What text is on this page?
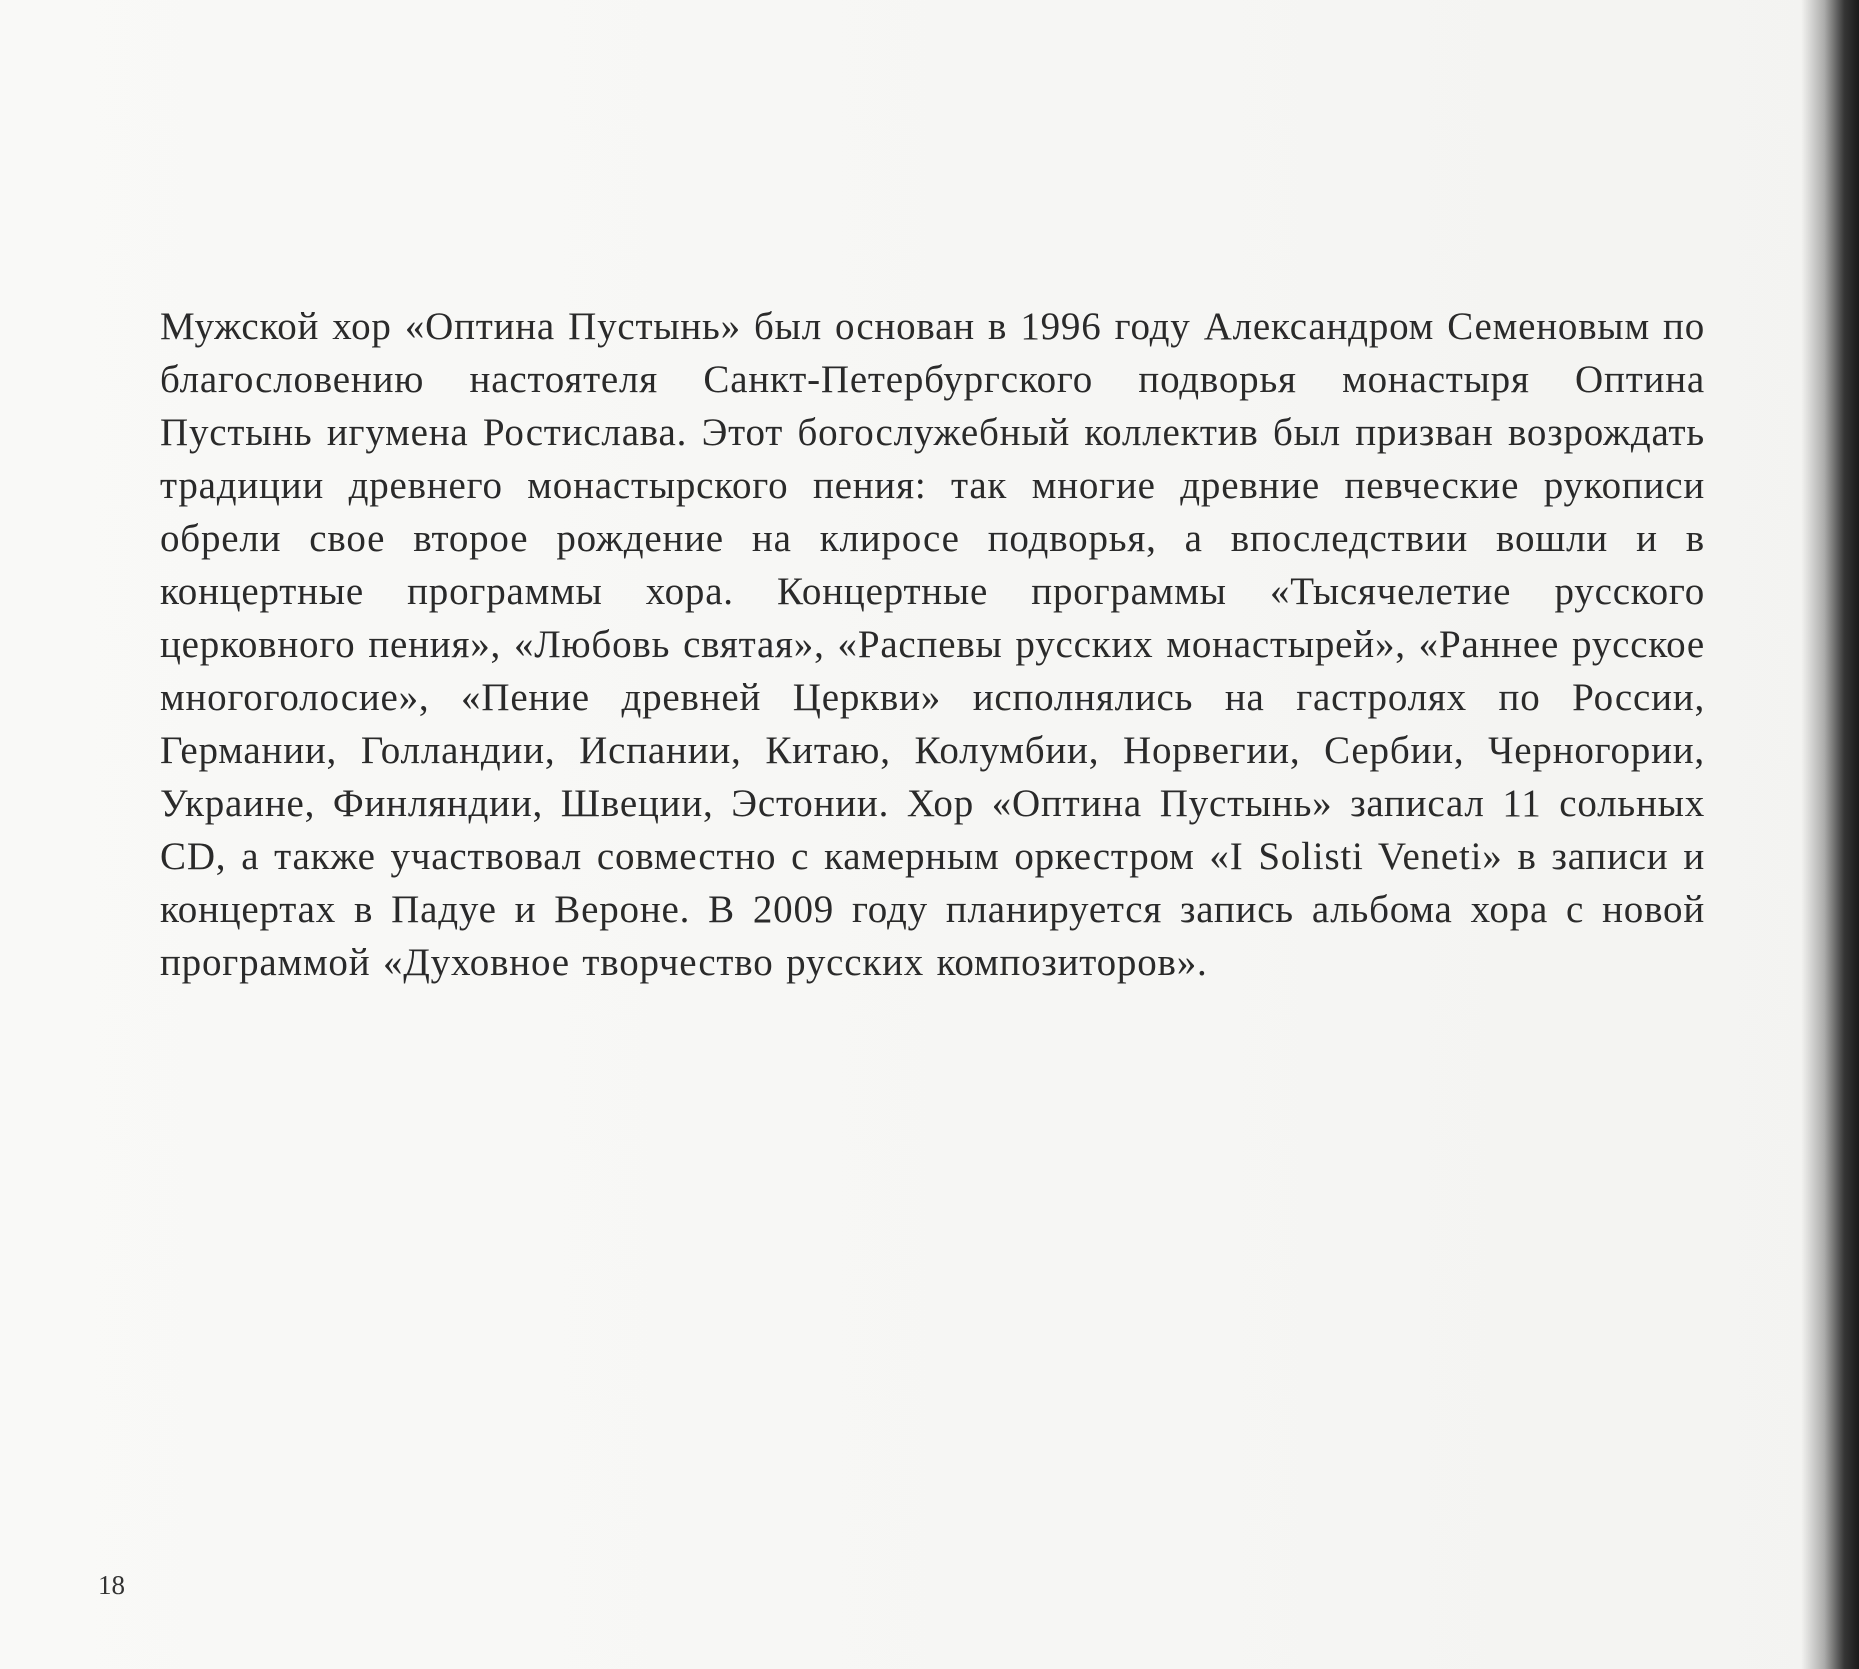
Мужской хор «Оптина Пустынь» был основан в 1996 году Александром Семеновым по благословению настоятеля Санкт-Петербургского подворья монастыря Оптина Пустынь игумена Ростислава. Этот богослужебный коллектив был призван возрождать традиции древнего монастырского пения: так многие древние певческие рукописи обрели свое второе рождение на клиросе подворья, а впоследствии вошли и в концертные программы хора. Концертные программы «Тысячелетие русского церковного пения», «Любовь святая», «Распевы русских монастырей», «Раннее русское многоголосие», «Пение древней Церкви» исполнялись на гастролях по России, Германии, Голландии, Испании, Китаю, Колумбии, Норвегии, Сербии, Черногории, Украине, Финляндии, Швеции, Эстонии. Хор «Оптина Пустынь» записал 11 сольных CD, а также участвовал совместно с камерным оркестром «I Solisti Veneti» в записи и концертах в Падуе и Вероне. В 2009 году планируется запись альбома хора с новой программой «Духовное творчество русских композиторов».

18
